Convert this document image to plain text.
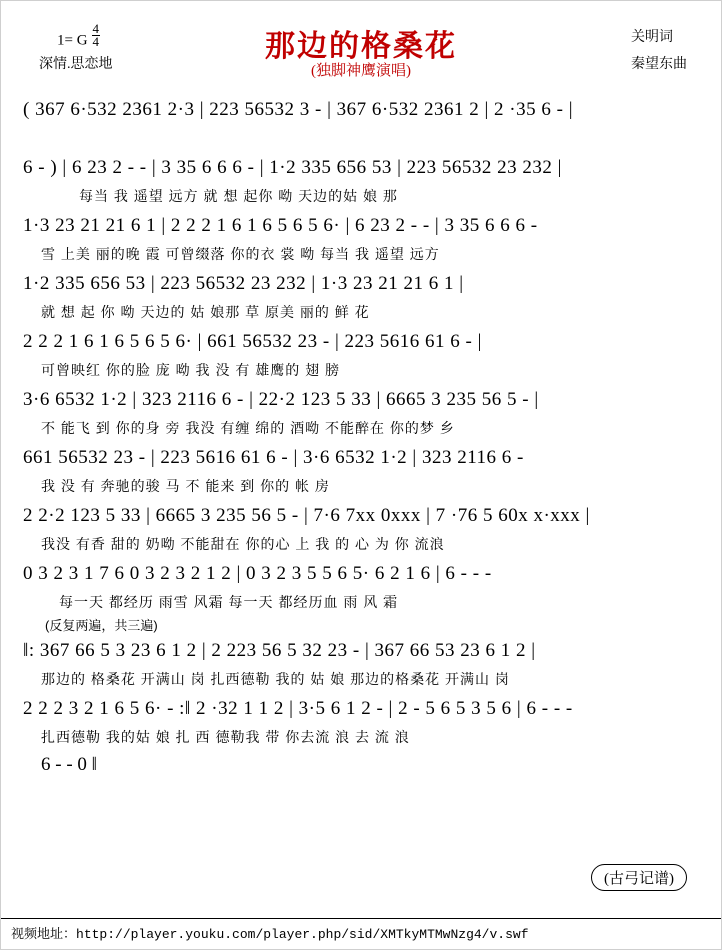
1= G $\frac{4}{4}$
深情.思恋地
那边的格桑花
(独脚神鹰演唱)
关明词
秦望东曲
( 367 6·532 2361 2·3 | 223 56532 3 - | 367 6·532 2361 2 | 2 ·35 6 - |
6 - ) | 6 23 2 - - | 3 35 6 6 6 - | 1·2 335 656 53 | 223 56532 23 232 |
每当 我 遥望 远方 就 想 起你 呦 天边的姑 娘 那
1·3 23 21 21 6 1 | 2 2 2 1 6 1 6 5 6 5 6· | 6 23 2 - - | 3 35 6 6 6 -
雪 上美 丽的晚 霞 可曾缀落 你的衣 裳 呦 每当 我 遥望 远方
1·2 335 656 53 | 223 56532 23 232 | 1·3 23 21 21 6 1 |
就 想 起 你 呦 天边的 姑 娘那 草 原美 丽的 鲜 花
2 2 2 1 6 1 6 5 6 5 6· | 661 56532 23 - | 223 5616 61 6 - |
可曾映红 你的脸 庞 呦 我 没 有 雄鹰的 翅 膀
3·6 6532 1·2 | 323 2116 6 - | 22·2 123 5 33 | 6665 3 235 56 5 - |
不 能飞 到 你的身 旁 我没 有缠 绵的 酒呦 不能醉在 你的梦 乡
661 56532 23 - | 223 5616 61 6 - | 3·6 6532 1·2 | 323 2116 6 -
我 没 有 奔驰的骏 马 不 能来 到 你的 帐 房
2 2·2 123 5 33 | 6665 3 235 56 5 - | 7·6 7xx 0xxx | 7 ·76 5 60x x·xxx |
我没 有香 甜的 奶呦 不能甜在 你的心 上 我 的 心 为 你 流浪
0 3 2 3 1 7 6 0 3 2 3 2 1 2 | 0 3 2 3 5 5 6 5· 6 2 1 6 | 6 - - -
每一天 都经历 雨雪 风霜 每一天 都经历血 雨 风 霜
(反复两遍，共三遍)
‖: 367 66 5 3 23 6 1 2 | 2 223 56 5 32 23 - | 367 66 53 23 6 1 2 |
那边的 格桑花 开满山 岗 扎西德勒 我的 姑 娘 那边的格桑花 开满山 岗
2 2 2 3 2 1 6 5 6· - :‖ 2 ·32 1 1 2 | 3·5 6 1 2 - | 2 - 5 6 5 3 5 6 | 6 - - -
扎西德勒 我的姑 娘 扎 西 德勒我 带 你去流 浪 去 流 浪
6 - - 0 ‖
(古弓记谱)
视频地址：http://player.youku.com/player.php/sid/XMTkyMTMwNzg4/v.swf
